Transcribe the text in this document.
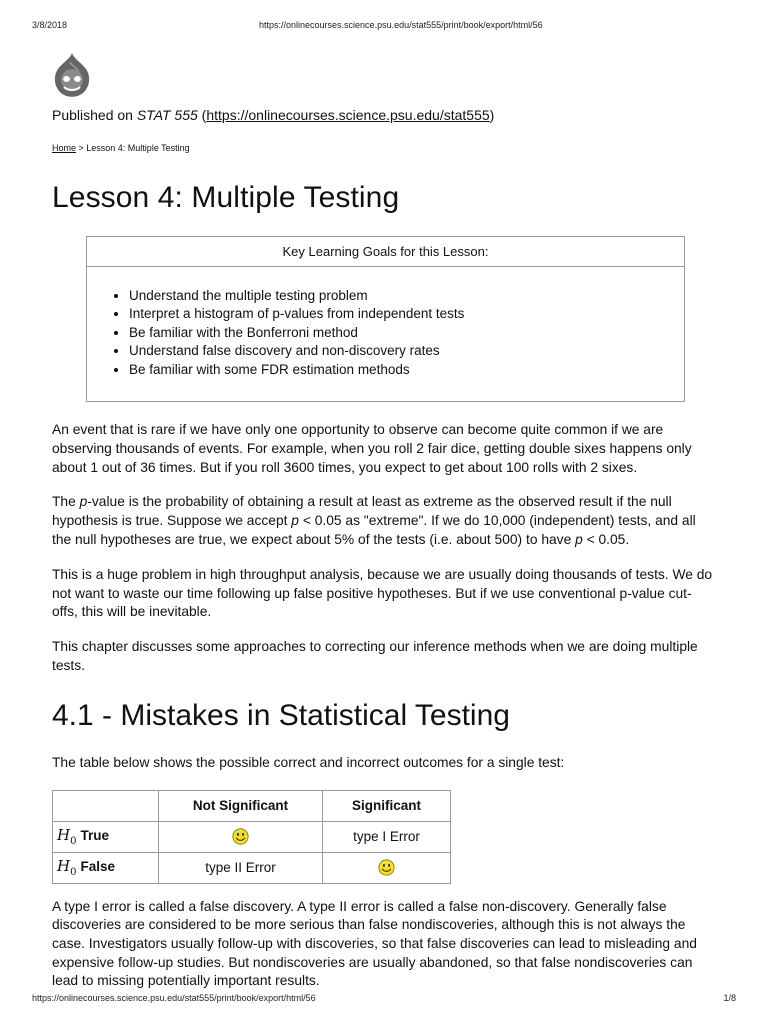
3/8/2018	https://onlinecourses.science.psu.edu/stat555/print/book/export/html/56
Published on STAT 555 (https://onlinecourses.science.psu.edu/stat555)
Home > Lesson 4: Multiple Testing
Lesson 4: Multiple Testing
Key Learning Goals for this Lesson:
• Understand the multiple testing problem
• Interpret a histogram of p-values from independent tests
• Be familiar with the Bonferroni method
• Understand false discovery and non-discovery rates
• Be familiar with some FDR estimation methods

An event that is rare if we have only one opportunity to observe can become quite common if we are observing thousands of events. For example, when you roll 2 fair dice, getting double sixes happens only about 1 out of 36 times. But if you roll 3600 times, you expect to get about 100 rolls with 2 sixes.

The p-value is the probability of obtaining a result at least as extreme as the observed result if the null hypothesis is true. Suppose we accept p < 0.05 as "extreme". If we do 10,000 (independent) tests, and all the null hypotheses are true, we expect about 5% of the tests (i.e. about 500) to have p < 0.05.

This is a huge problem in high throughput analysis, because we are usually doing thousands of tests. We do not want to waste our time following up false positive hypotheses. But if we use conventional p-value cut-offs, this will be inevitable.

This chapter discusses some approaches to correcting our inference methods when we are doing multiple tests.

4.1 - Mistakes in Statistical Testing

The table below shows the possible correct and incorrect outcomes for a single test:

	Not Significant	Significant
$H_0$ True		type I Error
$H_0$ False	type II Error	

A type I error is called a false discovery. A type II error is called a false non-discovery. Generally false discoveries are considered to be more serious than false nondiscoveries, although this is not always the case. Investigators usually follow-up with discoveries, so that false discoveries can lead to misleading and expensive follow-up studies. But nondiscoveries are usually abandoned, so that false nondiscoveries can lead to missing potentially important results.

https://onlinecourses.science.psu.edu/stat555/print/book/export/html/56	1/8
